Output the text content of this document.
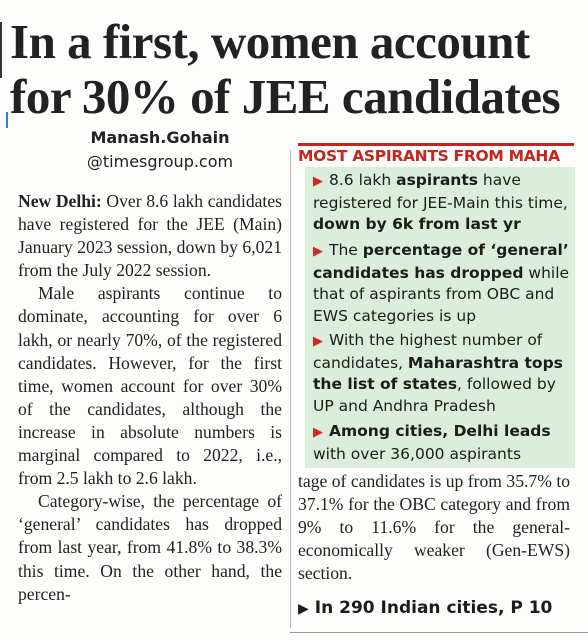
In a first, women account
for 30% of JEE candidates
Manash.Gohain
@timesgroup.com

New Delhi: Over 8.6 lakh candidates have registered for the JEE (Main) January 2023 session, down by 6,021 from the July 2022 session.

Male aspirants continue to dominate, accounting for over 6 lakh, or nearly 70%, of the registered candidates. However, for the first time, women account for over 30% of the candidates, although the increase in absolute numbers is marginal compared to 2022, i.e., from 2.5 lakh to 2.6 lakh.

Category-wise, the percentage of ‘general’ candidates has dropped from last year, from 41.8% to 38.3% this time. On the other hand, the percen-

MOST ASPIRANTS FROM MAHA
▶ 8.6 lakh aspirants have registered for JEE-Main this time, down by 6k from last yr
▶ The percentage of ‘general’ candidates has dropped while that of aspirants from OBC and EWS categories is up
▶ With the highest number of candidates, Maharashtra tops the list of states, followed by UP and Andhra Pradesh
▶ Among cities, Delhi leads with over 36,000 aspirants

tage of candidates is up from 35.7% to 37.1% for the OBC category and from 9% to 11.6% for the general-economically weaker (Gen-EWS) section.

▶ In 290 Indian cities, P 10
